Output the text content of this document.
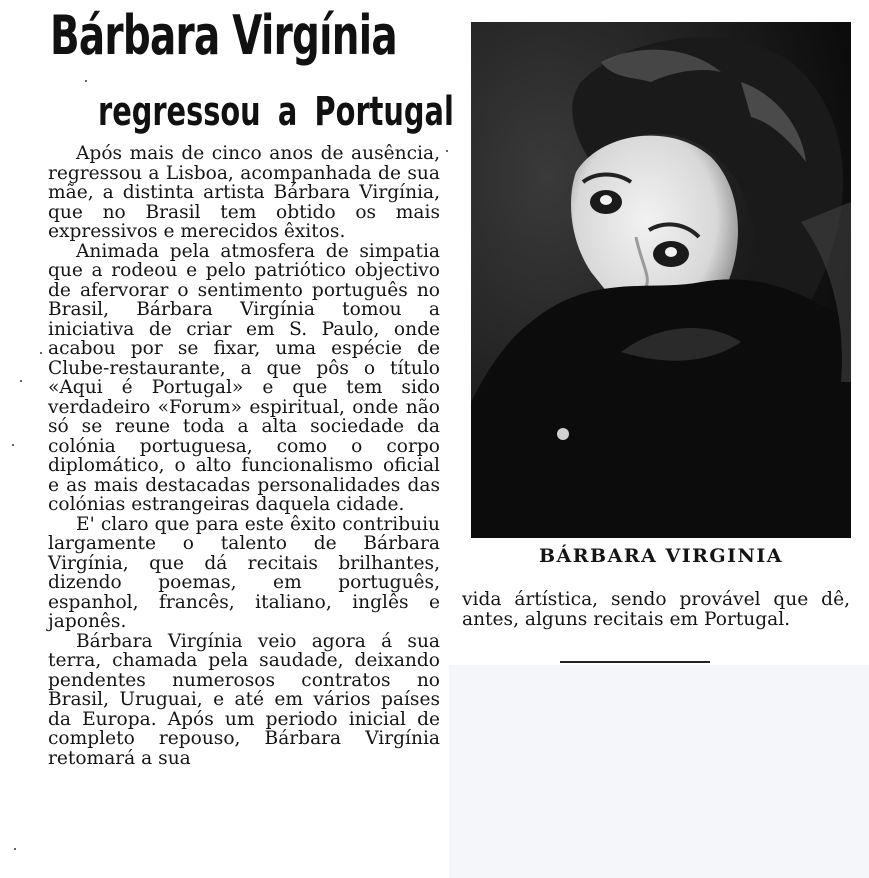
Bárbara Virgínia
regressou a Portugal

Após mais de cinco anos de ausência, regressou a Lisboa, acompanhada de sua mãe, a distinta artista Bárbara Virgínia, que no Brasil tem obtido os mais expressivos e merecidos êxitos.

Animada pela atmosfera de simpatia que a rodeou e pelo patriótico objectivo de afervorar o sentimento português no Brasil, Bárbara Virgínia tomou a iniciativa de criar em S. Paulo, onde acabou por se fixar, uma espécie de Clube-restaurante, a que pôs o título «Aqui é Portugal» e que tem sido verdadeiro «Forum» espiritual, onde não só se reune toda a alta sociedade da colónia portuguesa, como o corpo diplomático, o alto funcionalismo oficial e as mais destacadas personalidades das colónias estrangeiras daquela cidade.

E' claro que para este êxito contribuiu largamente o talento de Bárbara Virgínia, que dá recitais brilhantes, dizendo poemas, em português, espanhol, francês, italiano, inglês e japonês.

Bárbara Virgínia veio agora á sua terra, chamada pela saudade, deixando pendentes numerosos contratos no Brasil, Uruguai, e até em vários países da Europa. Após um periodo inicial de completo repouso, Bárbara Virgínia retomará a sua

BÁRBARA VIRGINIA
vida ártística, sendo provável que dê, antes, alguns recitais em Portugal.
